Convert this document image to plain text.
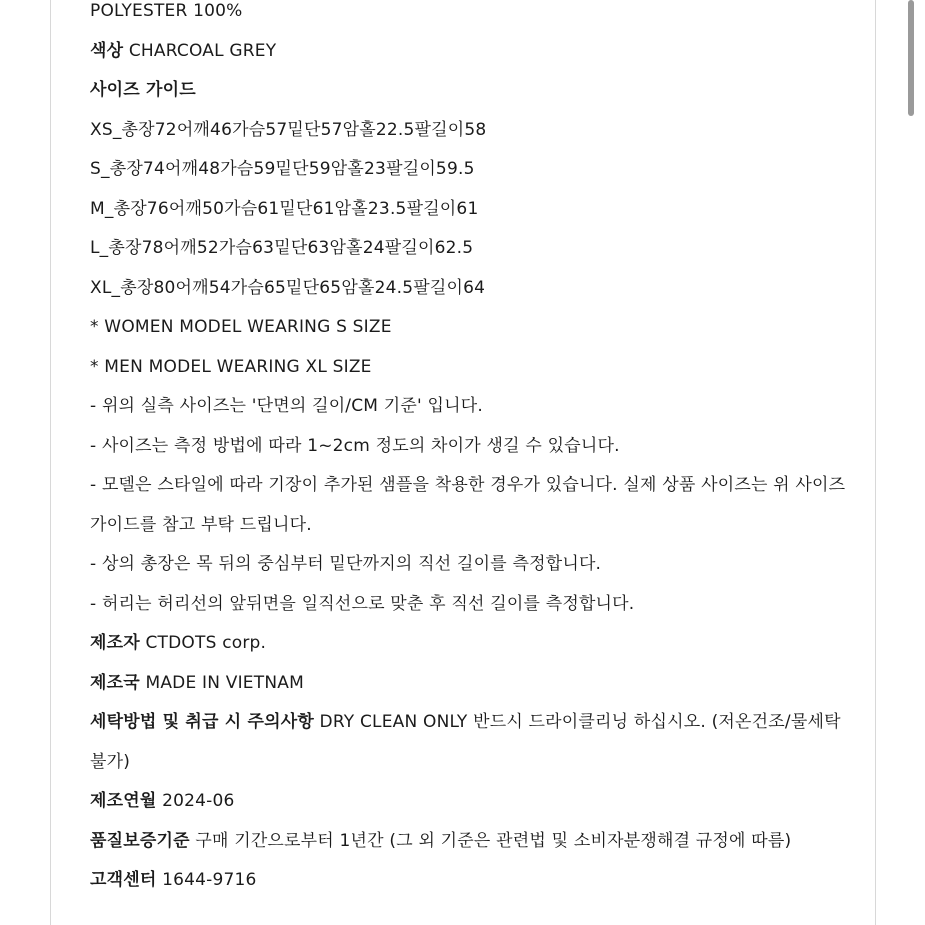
POLYESTER 100%
색상 CHARCOAL GREY
사이즈 가이드
XS_총장72어깨46가슴57밑단57암홀22.5팔길이58
S_총장74어깨48가슴59밑단59암홀23팔길이59.5
M_총장76어깨50가슴61밑단61암홀23.5팔길이61
L_총장78어깨52가슴63밑단63암홀24팔길이62.5
XL_총장80어깨54가슴65밑단65암홀24.5팔길이64
* WOMEN MODEL WEARING S SIZE
* MEN MODEL WEARING XL SIZE
- 위의 실측 사이즈는 '단면의 길이/CM 기준' 입니다.
- 사이즈는 측정 방법에 따라 1~2cm 정도의 차이가 생길 수 있습니다.
- 모델은 스타일에 따라 기장이 추가된 샘플을 착용한 경우가 있습니다. 실제 상품 사이즈는 위 사이즈 가이드를 참고 부탁 드립니다.
- 상의 총장은 목 뒤의 중심부터 밑단까지의 직선 길이를 측정합니다.
- 허리는 허리선의 앞뒤면을 일직선으로 맞춘 후 직선 길이를 측정합니다.
제조자 CTDOTS corp.
제조국 MADE IN VIETNAM
세탁방법 및 취급 시 주의사항 DRY CLEAN ONLY 반드시 드라이클리닝 하십시오. (저온건조/물세탁 불가)
제조연월 2024-06
품질보증기준 구매 기간으로부터 1년간 (그 외 기준은 관련법 및 소비자분쟁해결 규정에 따름)
고객센터 1644-9716
